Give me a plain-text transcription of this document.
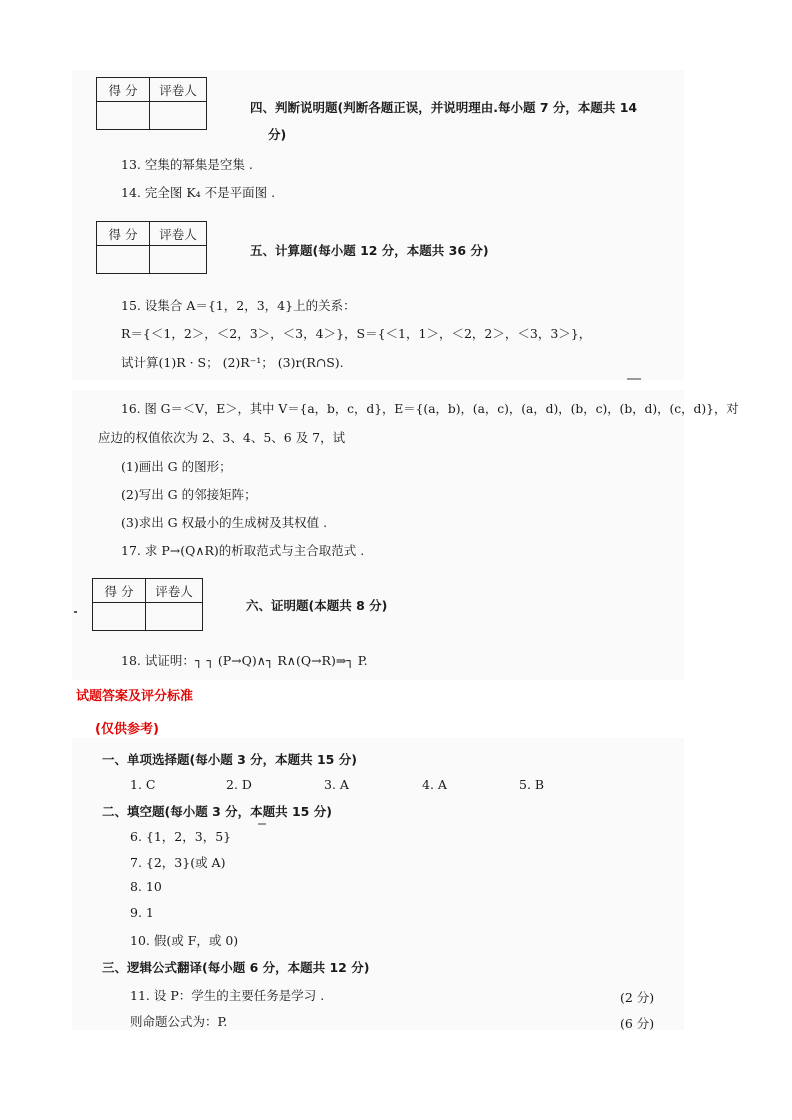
得 分	评卷人

四、判断说明题(判断各题正误，并说明理由.每小题 7 分，本题共 14
分)
13. 空集的幂集是空集 .
14. 完全图 K₄ 不是平面图 .
得 分	评卷人

五、计算题(每小题 12 分，本题共 36 分)
15. 设集合 A＝{1，2，3，4}上的关系：
R＝{＜1，2＞，＜2，3＞，＜3，4＞}，S＝{＜1，1＞，＜2，2＞，＜3，3＞}，
试计算(1)R · S； (2)R⁻¹； (3)r(R∩S).
16. 图 G＝＜V，E＞，其中 V＝{a，b，c，d}，E＝{(a，b)，(a，c)，(a，d)，(b，c)，(b，d)，(c，d)}，对
应边的权值依次为 2、3、4、5、6 及 7，试
(1)画出 G 的图形；
(2)写出 G 的邻接矩阵；
(3)求出 G 权最小的生成树及其权值 .
17. 求 P→(Q∧R)的析取范式与主合取范式 .
得 分	评卷人

六、证明题(本题共 8 分)
18. 试证明：┐ ┐ (P→Q)∧┐ R∧(Q→R)⇒┐ P.
试题答案及评分标准
(仅供参考)
一、单项选择题(每小题 3 分，本题共 15 分)
1. C	2. D	3. A	4. A	5. B
二、填空题(每小题 3 分，本题共 15 分)
6. {1，2，3，5}
7. {2，3}(或 A)
8. 10
9. 1
10. 假(或 F，或 0)
三、逻辑公式翻译(每小题 6 分，本题共 12 分)
11. 设 P：学生的主要任务是学习 .	(2 分)
则命题公式为：P.	(6 分)
